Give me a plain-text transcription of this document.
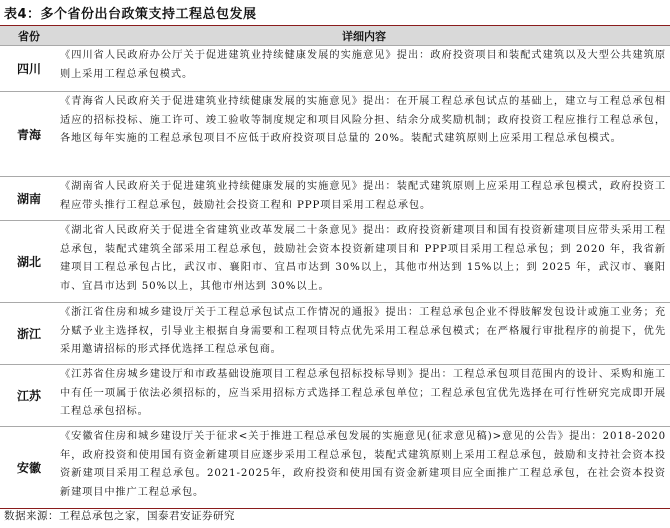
表4：多个省份出台政策支持工程总包发展
省份	详细内容
四川
《四川省人民政府办公厅关于促进建筑业持续健康发展的实施意见》提出：政府投资项目和装配式建筑以及大型公共建筑原则上采用工程总承包模式。
青海
《青海省人民政府关于促进建筑业持续健康发展的实施意见》提出：在开展工程总承包试点的基础上，建立与工程总承包相适应的招标投标、施工许可、竣工验收等制度规定和项目风险分担、结余分成奖励机制；政府投资工程应推行工程总承包，各地区每年实施的工程总承包项目不应低于政府投资项目总量的 20%。装配式建筑原则上应采用工程总承包模式。
湖南
《湖南省人民政府关于促进建筑业持续健康发展的实施意见》提出：装配式建筑原则上应采用工程总承包模式，政府投资工程应带头推行工程总承包，鼓励社会投资工程和 PPP项目采用工程总承包。
湖北
《湖北省人民政府关于促进全省建筑业改革发展二十条意见》提出：政府投资新建项目和国有投资新建项目应带头采用工程总承包，装配式建筑全部采用工程总承包，鼓励社会资本投资新建项目和 PPP项目采用工程总承包；到 2020 年，我省新建项目工程总承包占比，武汉市、襄阳市、宜昌市达到 30%以上，其他市州达到 15%以上；到 2025 年，武汉市、襄阳市、宜昌市达到 50%以上，其他市州达到 30%以上。
浙江
《浙江省住房和城乡建设厅关于工程总承包试点工作情况的通报》提出：工程总承包企业不得肢解发包设计或施工业务；充分赋予业主选择权，引导业主根据自身需要和工程项目特点优先采用工程总承包模式；在严格履行审批程序的前提下，优先采用邀请招标的形式择优选择工程总承包商。
江苏
《江苏省住房城乡建设厅和市政基础设施项目工程总承包招标投标导则》提出：工程总承包项目范围内的设计、采购和施工中有任一项属于依法必须招标的，应当采用招标方式选择工程总承包单位；工程总承包宜优先选择在可行性研究完成即开展工程总承包招标。
安徽
《安徽省住房和城乡建设厅关于征求<关于推进工程总承包发展的实施意见(征求意见稿)>意见的公告》提出：2018-2020年，政府投资和使用国有资金新建项目应逐步采用工程总承包，装配式建筑原则上采用工程总承包，鼓励和支持社会资本投资新建项目采用工程总承包。2021-2025年，政府投资和使用国有资金新建项目应全面推广工程总承包，在社会资本投资新建项目中推广工程总承包。
数据来源：工程总承包之家，国泰君安证券研究
